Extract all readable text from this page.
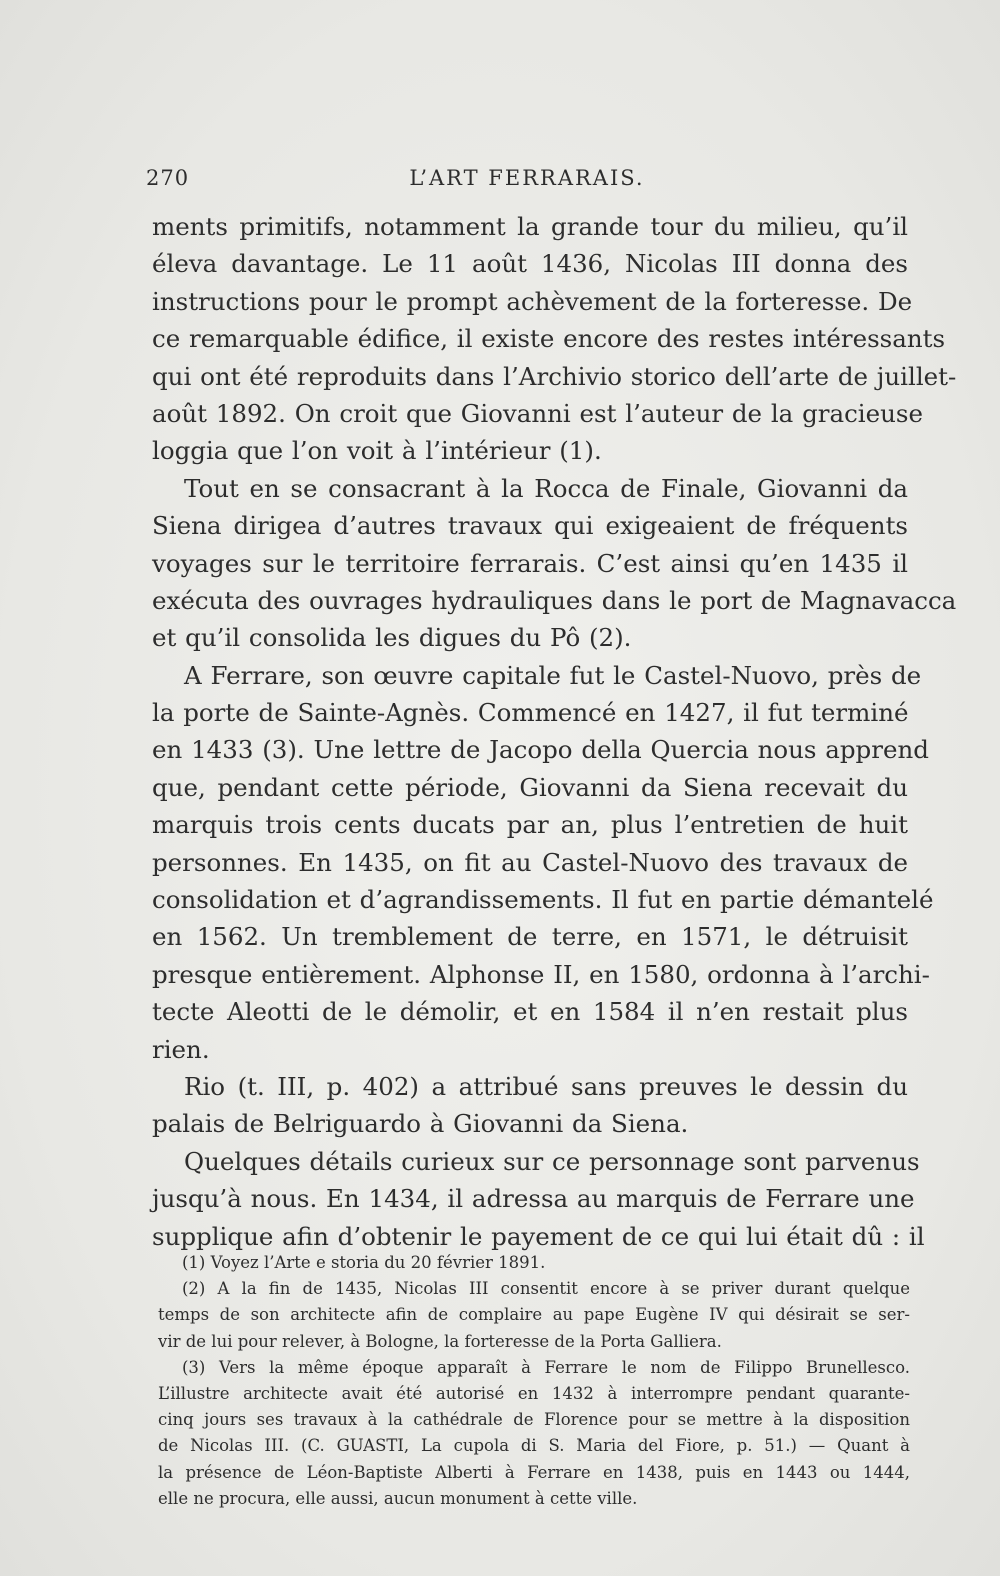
270	L’ART FERRARAIS.
ments primitifs, notamment la grande tour du milieu, qu’il
éleva davantage. Le 11 août 1436, Nicolas III donna des
instructions pour le prompt achèvement de la forteresse. De
ce remarquable édifice, il existe encore des restes intéressants
qui ont été reproduits dans l’Archivio storico dell’arte de juillet-
août 1892. On croit que Giovanni est l’auteur de la gracieuse
loggia que l’on voit à l’intérieur (1).
Tout en se consacrant à la Rocca de Finale, Giovanni da
Siena dirigea d’autres travaux qui exigeaient de fréquents
voyages sur le territoire ferrarais. C’est ainsi qu’en 1435 il
exécuta des ouvrages hydrauliques dans le port de Magnavacca
et qu’il consolida les digues du Pô (2).
A Ferrare, son œuvre capitale fut le Castel-Nuovo, près de
la porte de Sainte-Agnès. Commencé en 1427, il fut terminé
en 1433 (3). Une lettre de Jacopo della Quercia nous apprend
que, pendant cette période, Giovanni da Siena recevait du
marquis trois cents ducats par an, plus l’entretien de huit
personnes. En 1435, on fit au Castel-Nuovo des travaux de
consolidation et d’agrandissements. Il fut en partie démantelé
en 1562. Un tremblement de terre, en 1571, le détruisit
presque entièrement. Alphonse II, en 1580, ordonna à l’archi-
tecte Aleotti de le démolir, et en 1584 il n’en restait plus
rien.
Rio (t. III, p. 402) a attribué sans preuves le dessin du
palais de Belriguardo à Giovanni da Siena.
Quelques détails curieux sur ce personnage sont parvenus
jusqu’à nous. En 1434, il adressa au marquis de Ferrare une
supplique afin d’obtenir le payement de ce qui lui était dû : il
(1) Voyez l’Arte e storia du 20 février 1891.
(2) A la fin de 1435, Nicolas III consentit encore à se priver durant quelque
temps de son architecte afin de complaire au pape Eugène IV qui désirait se ser-
vir de lui pour relever, à Bologne, la forteresse de la Porta Galliera.
(3) Vers la même époque apparaît à Ferrare le nom de Filippo Brunellesco.
L’illustre architecte avait été autorisé en 1432 à interrompre pendant quarante-
cinq jours ses travaux à la cathédrale de Florence pour se mettre à la disposition
de Nicolas III. (C. GUASTI, La cupola di S. Maria del Fiore, p. 51.) — Quant à
la présence de Léon-Baptiste Alberti à Ferrare en 1438, puis en 1443 ou 1444,
elle ne procura, elle aussi, aucun monument à cette ville.
